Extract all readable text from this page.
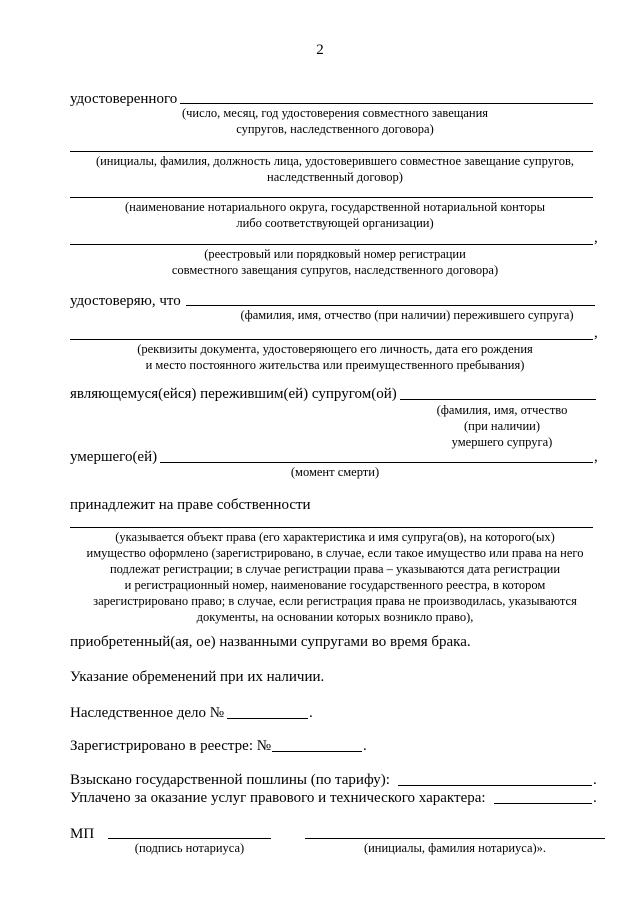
2
удостоверенного
(число, месяц, год удостоверения совместного завещания
супругов, наследственного договора)
(инициалы, фамилия, должность лица, удостоверившего совместное завещание супругов,
наследственный договор)
(наименование нотариального округа, государственной нотариальной конторы
либо соответствующей организации)
,
(реестровый или порядковый номер регистрации
совместного завещания супругов, наследственного договора)
удостоверяю, что
(фамилия, имя, отчество (при наличии) пережившего супруга)
,
(реквизиты документа, удостоверяющего его личность, дата его рождения
и место постоянного жительства или преимущественного пребывания)
являющемуся(ейся) пережившим(ей) супругом(ой)
(фамилия, имя, отчество
(при наличии)
умершего супруга)
умершего(ей)	,
(момент смерти)
принадлежит на праве собственности
(указывается объект права (его характеристика и имя супруга(ов), на которого(ых)
имущество оформлено (зарегистрировано, в случае, если такое имущество или права на него
подлежат регистрации; в случае регистрации права – указываются дата регистрации
и регистрационный номер, наименование государственного реестра, в котором
зарегистрировано право; в случае, если регистрация права не производилась, указываются
документы, на основании которых возникло право),
приобретенный(ая, ое) названными супругами во время брака.
Указание обременений при их наличии.
Наследственное дело №	.
Зарегистрировано в реестре: №	.
Взыскано государственной пошлины (по тарифу):	.
Уплачено за оказание услуг правового и технического характера:	.
МП
(подпись нотариуса)	(инициалы, фамилия нотариуса)».
